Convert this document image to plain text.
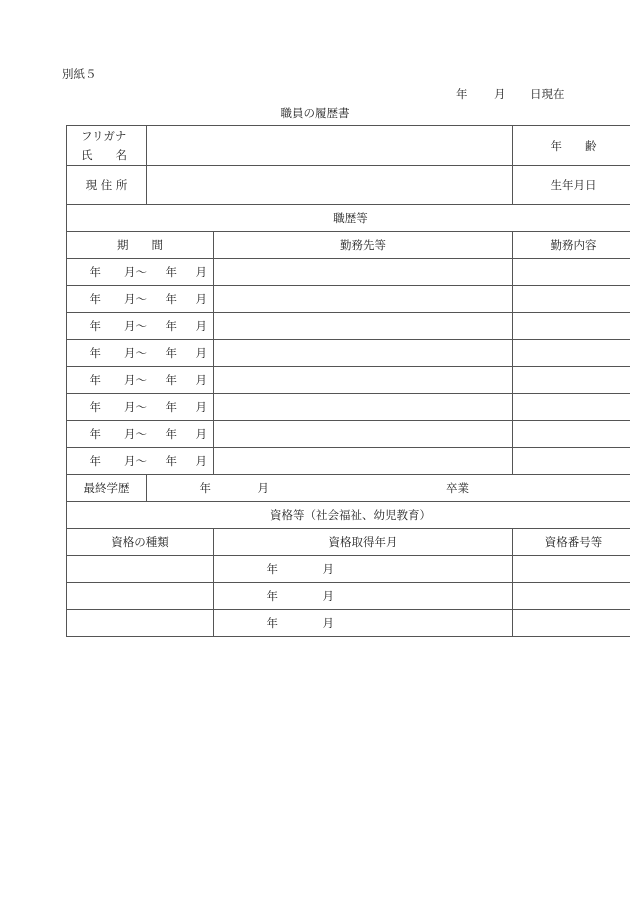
別紙５
年 月 日現在
職員の履歴書
フリガナ
氏　　名			年　　齢	
現 住 所			生年月日	
職歴等				
期　　間		勤務先等	勤務内容	
年 月〜 年 月				
年 月〜 年 月				
年 月〜 年 月				
年 月〜 年 月				
年 月〜 年 月				
年 月〜 年 月				
年 月〜 年 月				
年 月〜 年 月				
最終学歴	年 月 卒業			
資格等（社会福祉、幼児教育）				
資格の種類		資格取得年月	資格番号等	
		年 月		
		年 月		
		年 月		
